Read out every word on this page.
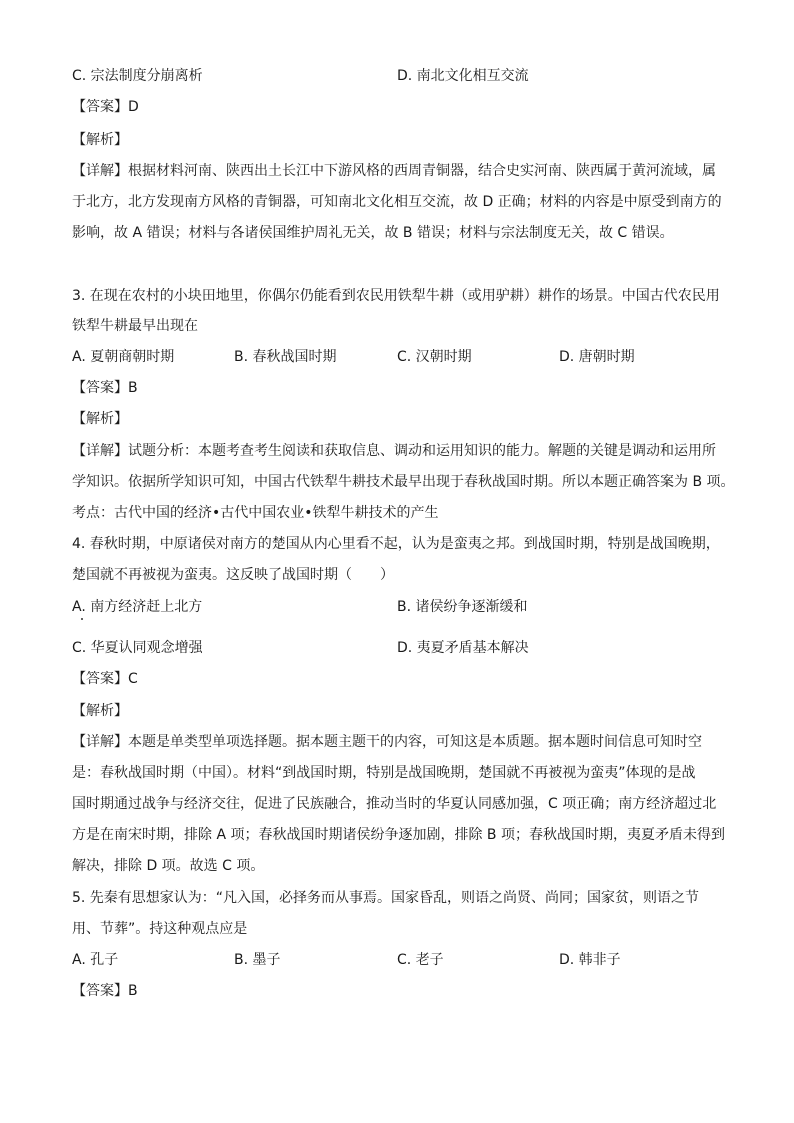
C. 宗法制度分崩离析	D. 南北文化相互交流
【答案】D
【解析】
【详解】根据材料河南、陕西出土长江中下游风格的西周青铜器，结合史实河南、陕西属于黄河流域，属
于北方，北方发现南方风格的青铜器，可知南北文化相互交流，故 D 正确；材料的内容是中原受到南方的
影响，故 A 错误；材料与各诸侯国维护周礼无关，故 B 错误；材料与宗法制度无关，故 C 错误。
3. 在现在农村的小块田地里，你偶尔仍能看到农民用铁犁牛耕（或用驴耕）耕作的场景。中国古代农民用
铁犁牛耕最早出现在
A. 夏朝商朝时期	B. 春秋战国时期	C. 汉朝时期	D. 唐朝时期
【答案】B
【解析】
【详解】试题分析：本题考查考生阅读和获取信息、调动和运用知识的能力。解题的关键是调动和运用所
学知识。依据所学知识可知，中国古代铁犁牛耕技术最早出现于春秋战国时期。所以本题正确答案为 B 项。
考点：古代中国的经济•古代中国农业•铁犁牛耕技术的产生
4. 春秋时期，中原诸侯对南方的楚国从内心里看不起，认为是蛮夷之邦。到战国时期，特别是战国晚期，
楚国就不再被视为蛮夷。这反映了战国时期（　　）
A. 南方经济赶上北方	B. 诸侯纷争逐渐缓和
C. 华夏认同观念增强	D. 夷夏矛盾基本解决
【答案】C
【解析】
【详解】本题是单类型单项选择题。据本题主题干的内容，可知这是本质题。据本题时间信息可知时空
是：春秋战国时期（中国）。材料“到战国时期，特别是战国晚期，楚国就不再被视为蛮夷”体现的是战
国时期通过战争与经济交往，促进了民族融合，推动当时的华夏认同感加强，C 项正确；南方经济超过北
方是在南宋时期，排除 A 项；春秋战国时期诸侯纷争逐加剧，排除 B 项；春秋战国时期，夷夏矛盾未得到
解决，排除 D 项。故选 C 项。
5. 先秦有思想家认为：“凡入国，必择务而从事焉。国家昏乱，则语之尚贤、尚同；国家贫，则语之节
用、节葬”。持这种观点应是
A. 孔子	B. 墨子	C. 老子	D. 韩非子
【答案】B
